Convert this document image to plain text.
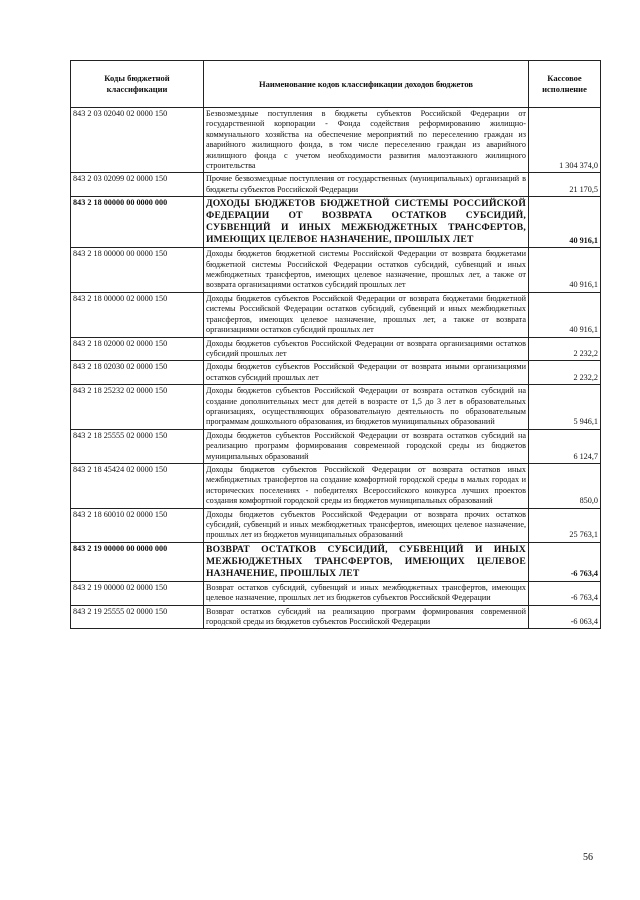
Коды бюджетной классификации	Наименование кодов классификации доходов бюджетов	Кассовое исполнение
843 2 03 02040 02 0000 150	Безвозмездные поступления в бюджеты субъектов Российской Федерации от государственной корпорации - Фонда содействия реформированию жилищно-коммунального хозяйства на обеспечение мероприятий по переселению граждан из аварийного жилищного фонда, в том числе переселению граждан из аварийного жилищного фонда с учетом необходимости развития малоэтажного жилищного строительства	1 304 374,0
843 2 03 02099 02 0000 150	Прочие безвозмездные поступления от государственных (муниципальных) организаций в бюджеты субъектов Российской Федерации	21 170,5
843 2 18 00000 00 0000 000	ДОХОДЫ БЮДЖЕТОВ БЮДЖЕТНОЙ СИСТЕМЫ РОССИЙСКОЙ ФЕДЕРАЦИИ ОТ ВОЗВРАТА ОСТАТКОВ СУБСИДИЙ, СУБВЕНЦИЙ И ИНЫХ МЕЖБЮДЖЕТНЫХ ТРАНСФЕРТОВ, ИМЕЮЩИХ ЦЕЛЕВОЕ НАЗНАЧЕНИЕ, ПРОШЛЫХ ЛЕТ	40 916,1
843 2 18 00000 00 0000 150	Доходы бюджетов бюджетной системы Российской Федерации от возврата бюджетами бюджетной системы Российской Федерации остатков субсидий, субвенций и иных межбюджетных трансфертов, имеющих целевое назначение, прошлых лет, а также от возврата организациями остатков субсидий прошлых лет	40 916,1
843 2 18 00000 02 0000 150	Доходы бюджетов субъектов Российской Федерации от возврата бюджетами бюджетной системы Российской Федерации остатков субсидий, субвенций и иных межбюджетных трансфертов, имеющих целевое назначение, прошлых лет, а также от возврата организациями остатков субсидий прошлых лет	40 916,1
843 2 18 02000 02 0000 150	Доходы бюджетов субъектов Российской Федерации от возврата организациями остатков субсидий прошлых лет	2 232,2
843 2 18 02030 02 0000 150	Доходы бюджетов субъектов Российской Федерации от возврата иными организациями остатков субсидий прошлых лет	2 232,2
843 2 18 25232 02 0000 150	Доходы бюджетов субъектов Российской Федерации от возврата остатков субсидий на создание дополнительных мест для детей в возрасте от 1,5 до 3 лет в образовательных организациях, осуществляющих образовательную деятельность по образовательным программам дошкольного образования, из бюджетов муниципальных образований	5 946,1
843 2 18 25555 02 0000 150	Доходы бюджетов субъектов Российской Федерации от возврата остатков субсидий на реализацию программ формирования современной городской среды из бюджетов муниципальных образований	6 124,7
843 2 18 45424 02 0000 150	Доходы бюджетов субъектов Российской Федерации от возврата остатков иных межбюджетных трансфертов на создание комфортной городской среды в малых городах и исторических поселениях - победителях Всероссийского конкурса лучших проектов создания комфортной городской среды из бюджетов муниципальных образований	850,0
843 2 18 60010 02 0000 150	Доходы бюджетов субъектов Российской Федерации от возврата прочих остатков субсидий, субвенций и иных межбюджетных трансфертов, имеющих целевое назначение, прошлых лет из бюджетов муниципальных образований	25 763,1
843 2 19 00000 00 0000 000	ВОЗВРАТ ОСТАТКОВ СУБСИДИЙ, СУБВЕНЦИЙ И ИНЫХ МЕЖБЮДЖЕТНЫХ ТРАНСФЕРТОВ, ИМЕЮЩИХ ЦЕЛЕВОЕ НАЗНАЧЕНИЕ, ПРОШЛЫХ ЛЕТ	-6 763,4
843 2 19 00000 02 0000 150	Возврат остатков субсидий, субвенций и иных межбюджетных трансфертов, имеющих целевое назначение, прошлых лет из бюджетов субъектов Российской Федерации	-6 763,4
843 2 19 25555 02 0000 150	Возврат остатков субсидий на реализацию программ формирования современной городской среды из бюджетов субъектов Российской Федерации	-6 063,4
56
